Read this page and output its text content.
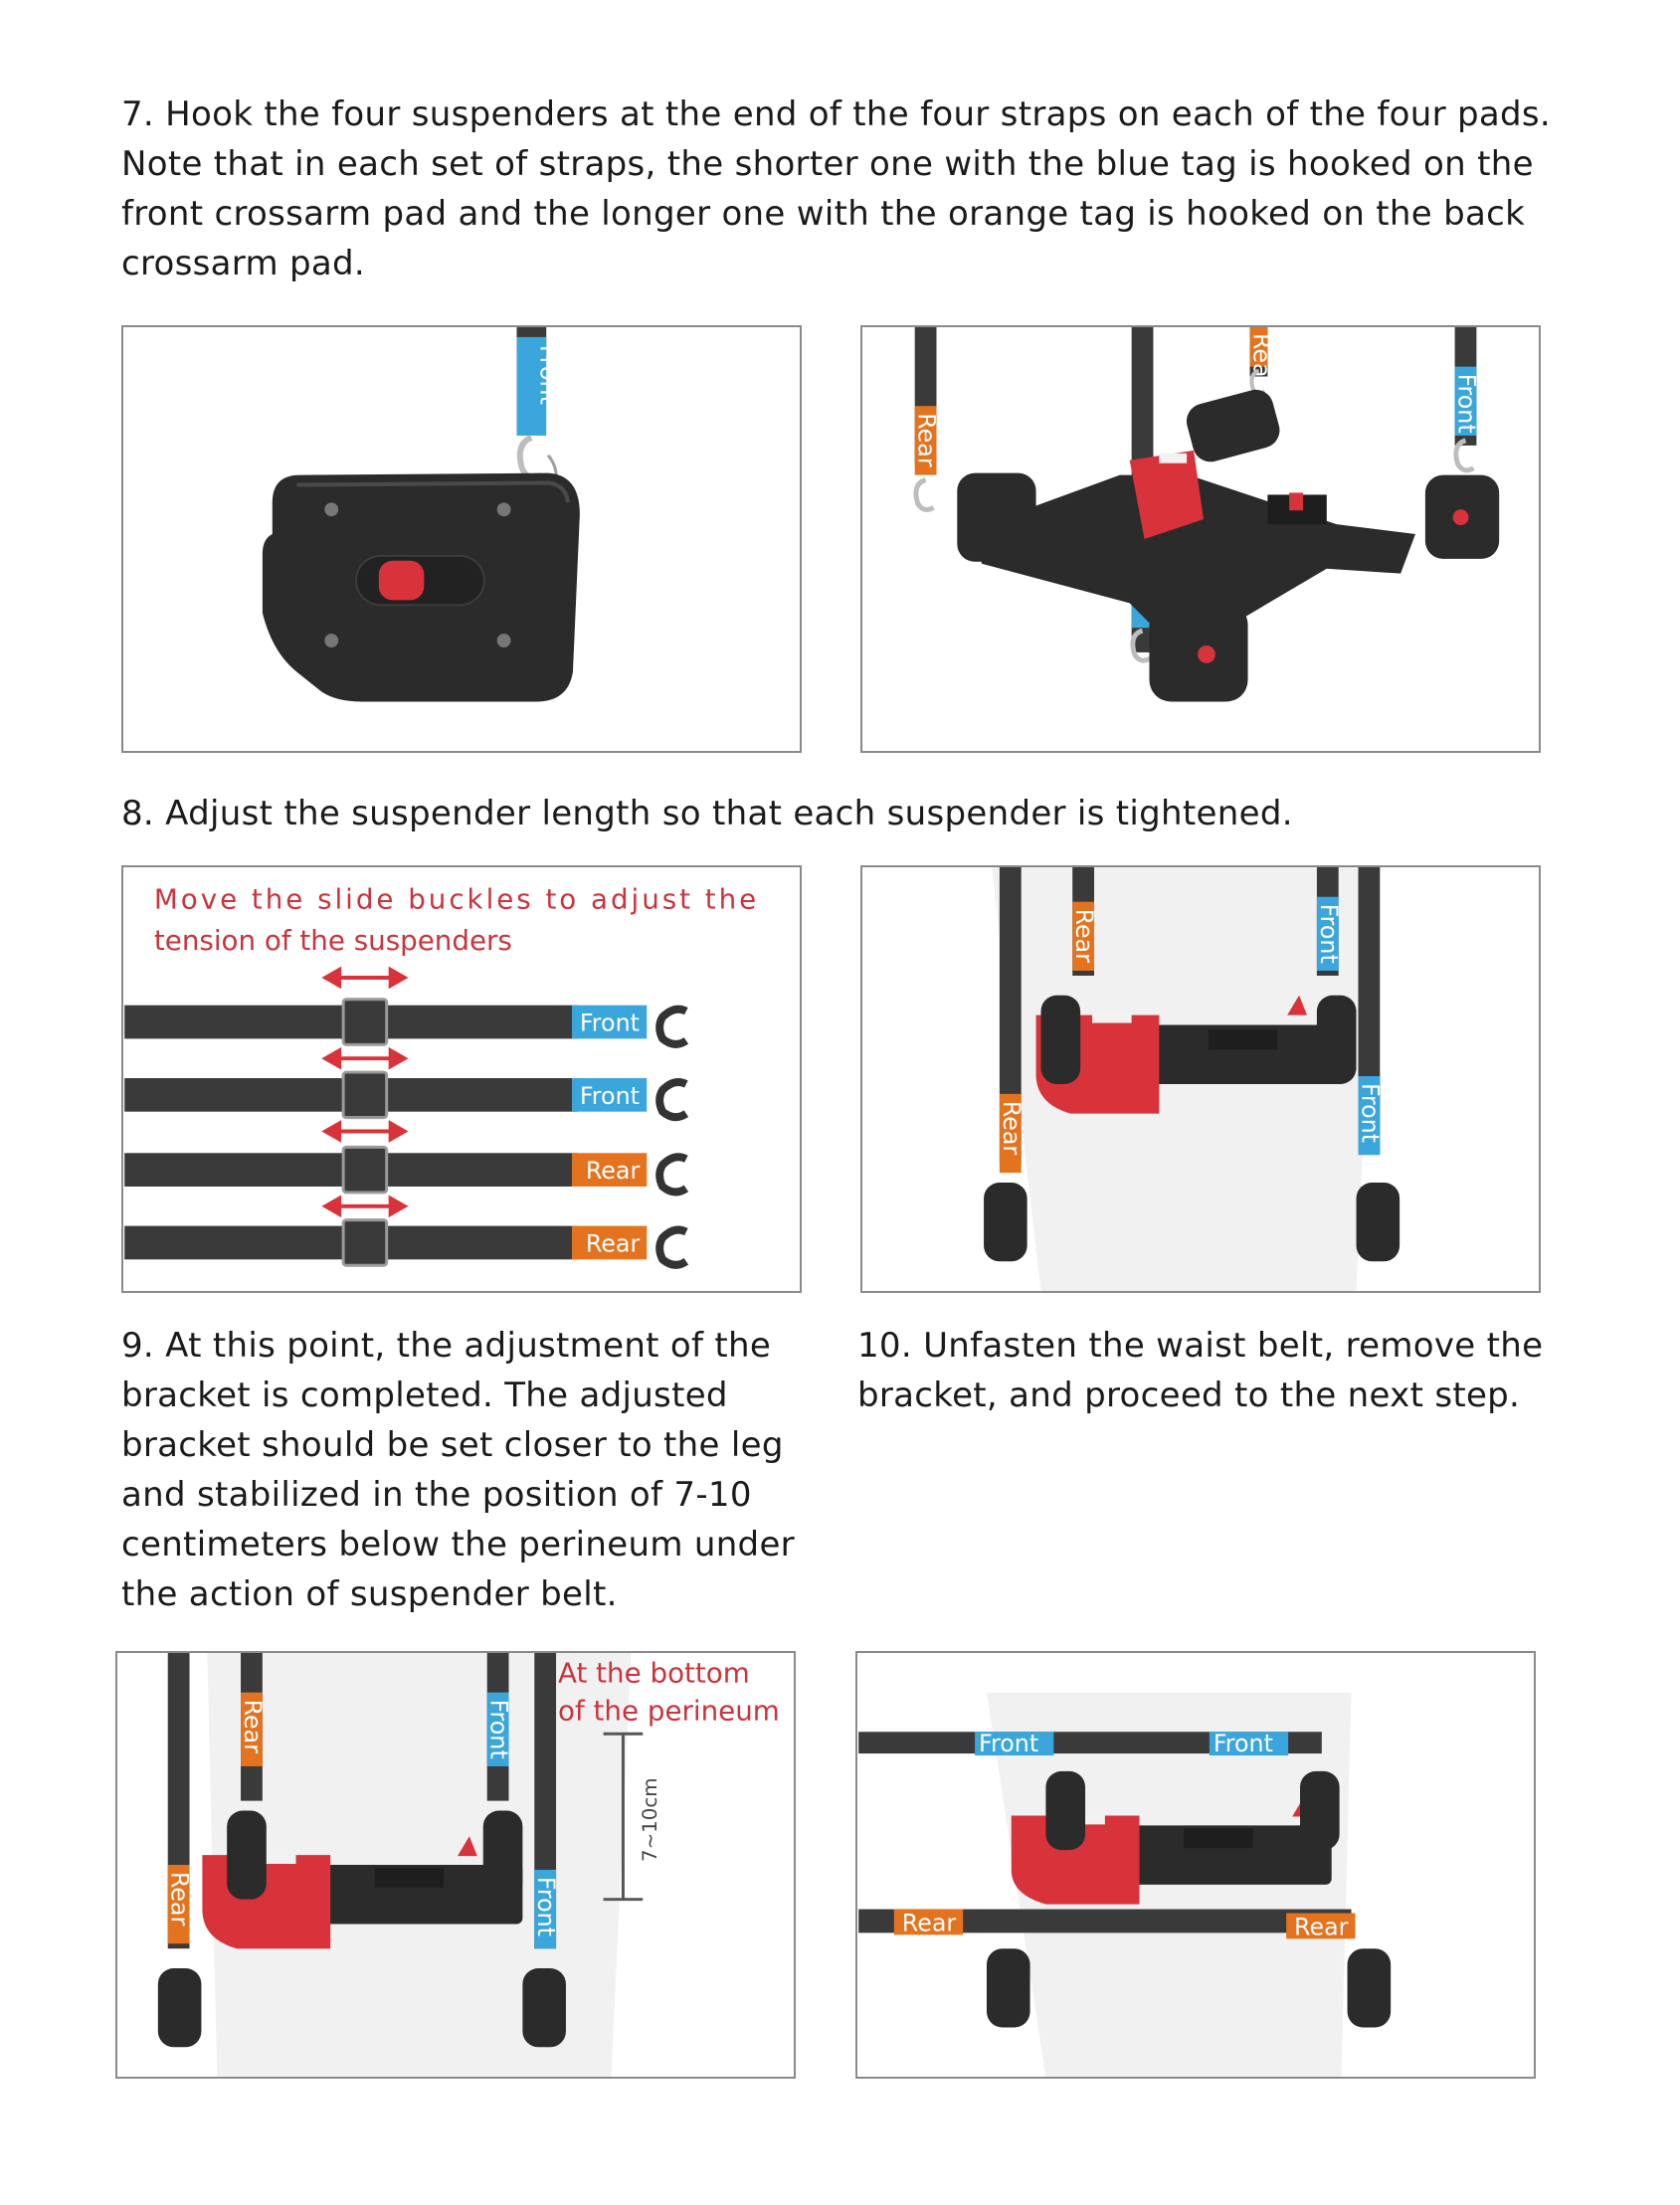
7. Hook the four suspenders at the end of the four straps on each of the four pads. Note that in each set of straps, the shorter one with the blue tag is hooked on the front crossarm pad and the longer one with the orange tag is hooked on the back crossarm pad.

Front
Rear
Rear
Front

8. Adjust the suspender length so that each suspender is tightened.

Move the slide buckles to adjust the
tension of the suspenders
Front
Front
Rear
Rear
Rear
Rear	Front
Front

9. At this point, the adjustment of the bracket is completed. The adjusted bracket should be set closer to the leg and stabilized in the position of 7-10 centimeters below the perineum under the action of suspender belt.

10. Unfasten the waist belt, remove the bracket, and proceed to the next step.

Rear
Rear	Front
Front
At the bottom
of the perineum
7~10cm
Front	Front
Rear	Rear
